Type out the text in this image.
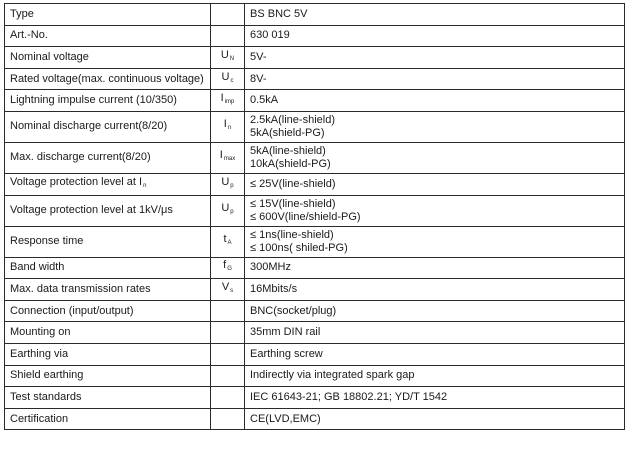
Type		BS BNC 5V

Art.-No.		630 019

Nominal voltage	$U_N$	5V-

Rated voltage(max. continuous voltage)	$U_c$	8V-

Lightning impulse current (10/350)	$I_{imp}$	0.5kA

Nominal discharge current(8/20)	$I_n$	2.5kA(line-shield)
5kA(shield-PG)

Max. discharge current(8/20)	$I_{max}$	5kA(line-shield)
10kA(shield-PG)

Voltage protection level at $I_n$	$U_p$	≤ 25V(line-shield)

Voltage protection level at 1kV/μs	$U_p$	≤ 15V(line-shield)
≤ 600V(line/shield-PG)

Response time	$t_A$	≤ 1ns(line-shield)
≤ 100ns( shiled-PG)

Band width	$f_G$	300MHz

Max. data transmission rates	$V_s$	16Mbits/s

Connection (input/output)		BNC(socket/plug)

Mounting on		35mm DIN rail

Earthing via		Earthing screw

Shield earthing		Indirectly via integrated spark gap

Test standards		IEC 61643-21; GB 18802.21; YD/T 1542

Certification		CE(LVD,EMC)
